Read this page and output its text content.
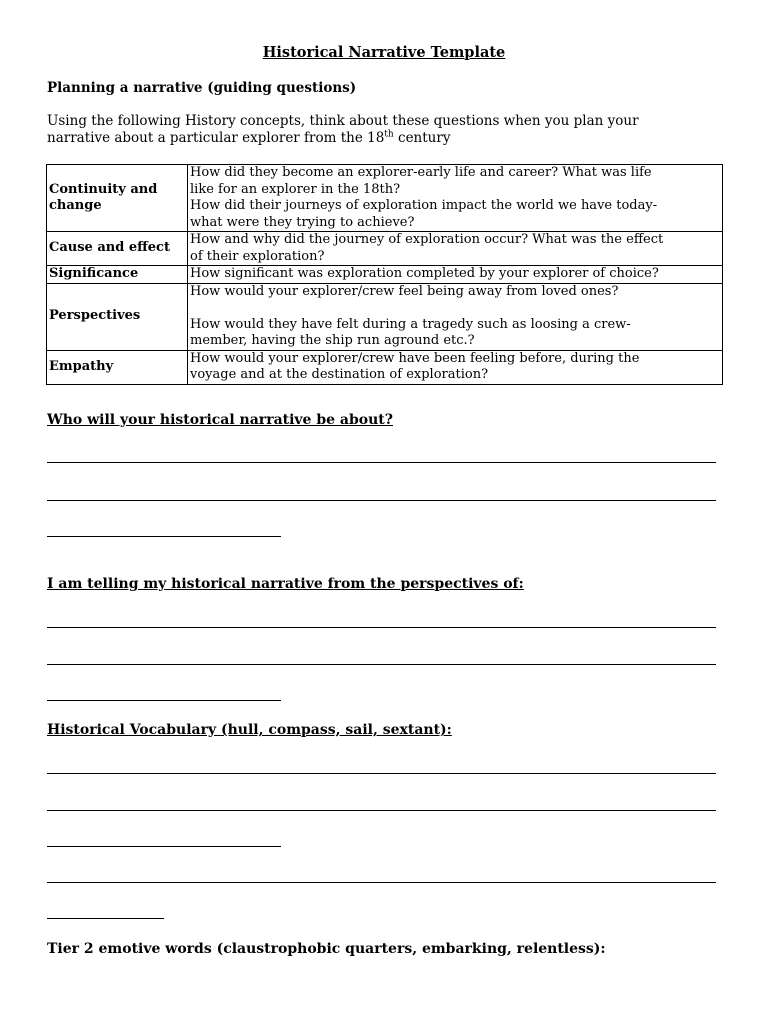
Historical Narrative Template
Planning a narrative (guiding questions)
Using the following History concepts, think about these questions when you plan your
narrative about a particular explorer from the 18th century
Continuity and change	How did they become an explorer-early life and career? What was life
like for an explorer in the 18th?
How did their journeys of exploration impact the world we have today-
what were they trying to achieve?

Cause and effect	How and why did the journey of exploration occur? What was the effect
of their exploration?

Significance	How significant was exploration completed by your explorer of choice?

Perspectives	How would your explorer/crew feel being away from loved ones?
How would they have felt during a tragedy such as loosing a crew-
member, having the ship run aground etc.?

Empathy	How would your explorer/crew have been feeling before, during the
voyage and at the destination of exploration?
Who will your historical narrative be about?
I am telling my historical narrative from the perspectives of:
Historical Vocabulary (hull, compass, sail, sextant):
Tier 2 emotive words (claustrophobic quarters, embarking, relentless):
